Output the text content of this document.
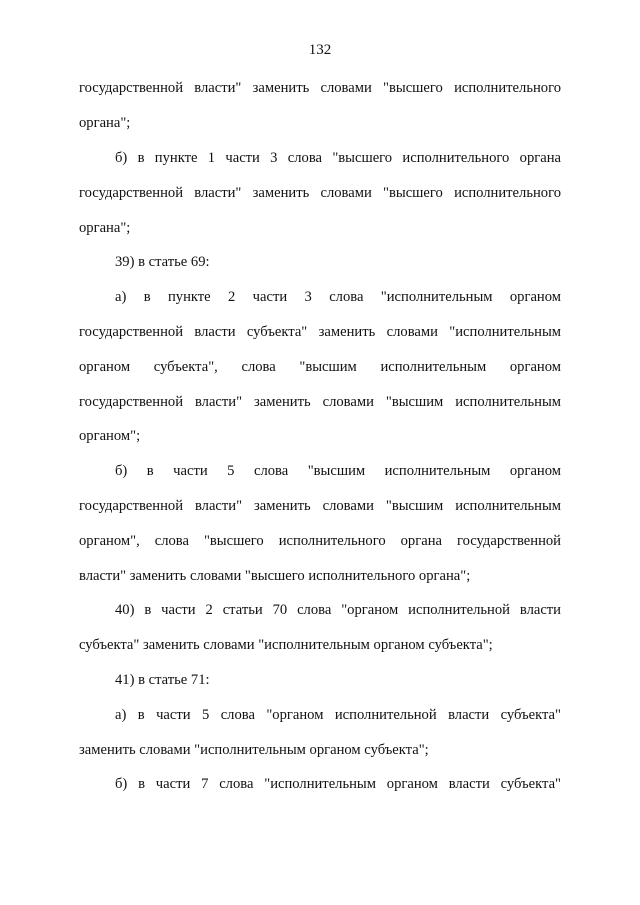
132
государственной власти" заменить словами "высшего исполнительного
органа";
б) в пункте 1 части 3 слова "высшего исполнительного органа
государственной власти" заменить словами "высшего исполнительного
органа";
39) в статье 69:
а) в пункте 2 части 3 слова "исполнительным органом
государственной власти субъекта" заменить словами "исполнительным
органом субъекта", слова "высшим исполнительным органом
государственной власти" заменить словами "высшим исполнительным
органом";
б) в части 5 слова "высшим исполнительным органом
государственной власти" заменить словами "высшим исполнительным
органом", слова "высшего исполнительного органа государственной
власти" заменить словами "высшего исполнительного органа";
40) в части 2 статьи 70 слова "органом исполнительной власти
субъекта" заменить словами "исполнительным органом субъекта";
41) в статье 71:
а) в части 5 слова "органом исполнительной власти субъекта"
заменить словами "исполнительным органом субъекта";
б) в части 7 слова "исполнительным органом власти субъекта"
